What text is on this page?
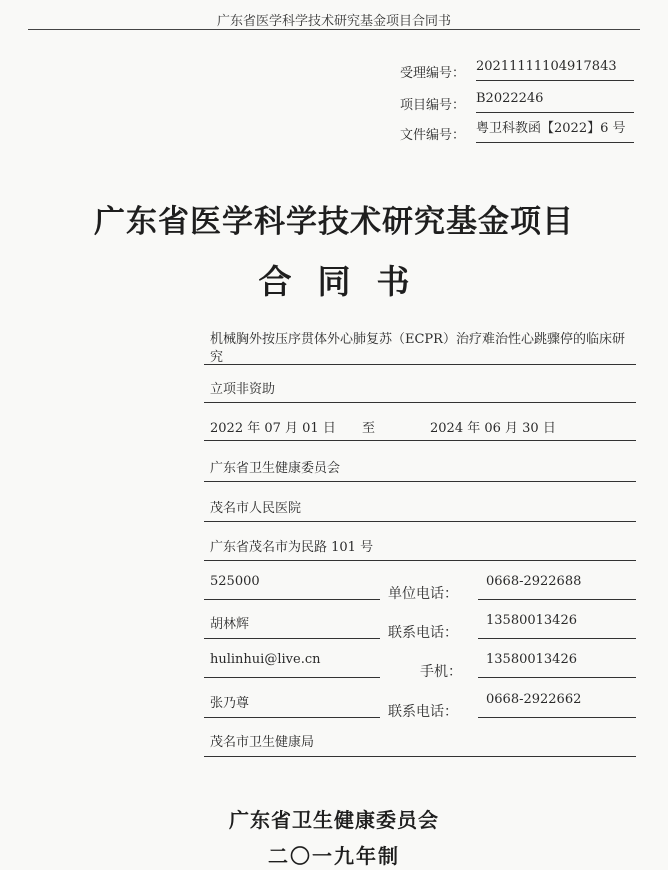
广东省医学科学技术研究基金项目合同书
受理编号： 20211111104917843
项目编号： B2022246
文件编号： 粤卫科教函【2022】6 号
广东省医学科学技术研究基金项目
合同书
机械胸外按压序贯体外心肺复苏（ECPR）治疗难治性心跳骤停的临床研
究
立项非资助
2022 年 07 月 01 日 至	2024 年 06 月 30 日
广东省卫生健康委员会
茂名市人民医院
广东省茂名市为民路 101 号
525000
单位电话：
0668-2922688
胡林辉
联系电话：
13580013426
hulinhui@live.cn
手机：
13580013426
张乃尊
联系电话：
0668-2922662
茂名市卫生健康局
广东省卫生健康委员会
二〇一九年制
